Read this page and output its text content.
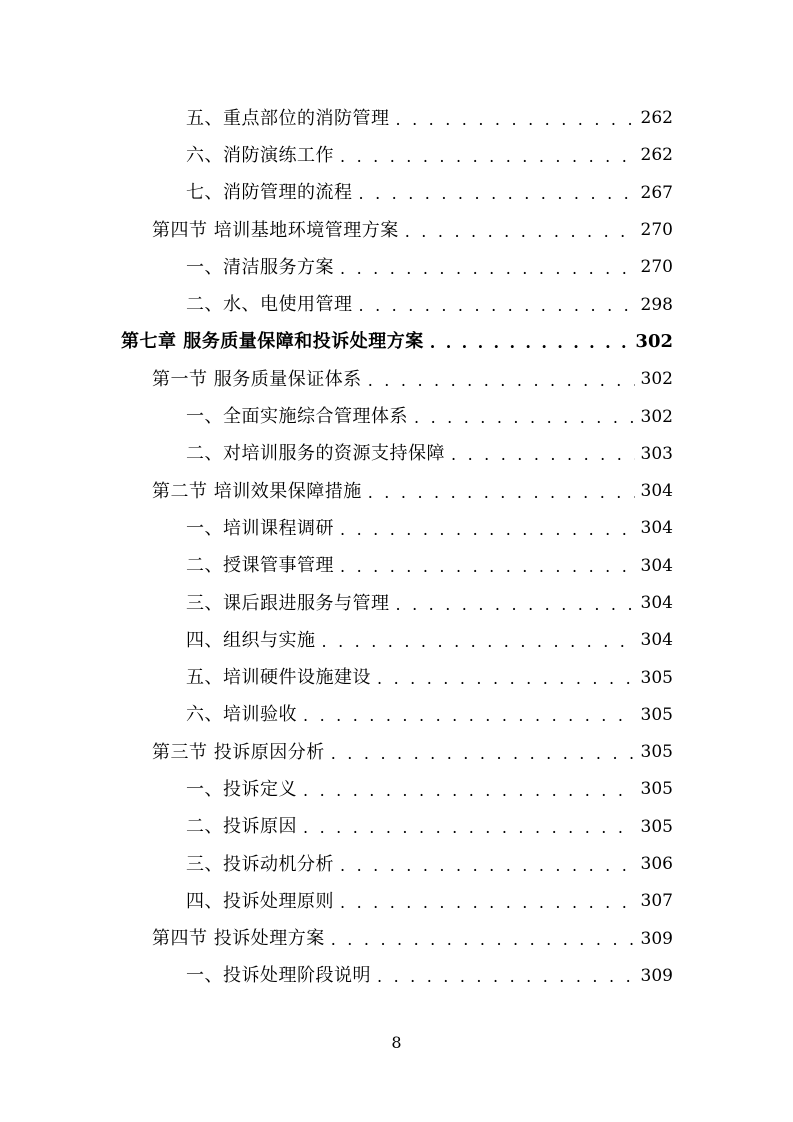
五、重点部位的消防管理 . . .	262
六、消防演练工作 . . .	262
七、消防管理的流程 . . .	267
第四节 培训基地环境管理方案 . . .	270
一、清洁服务方案 . . .	270
二、水、电使用管理 . . .	298
第七章 服务质量保障和投诉处理方案 . . .	302
第一节 服务质量保证体系 . . .	302
一、全面实施综合管理体系 . . .	302
二、对培训服务的资源支持保障 . . .	303
第二节 培训效果保障措施 . . .	304
一、培训课程调研 . . .	304
二、授课管事管理 . . .	304
三、课后跟进服务与管理 . . .	304
四、组织与实施 . . .	304
五、培训硬件设施建设 . . .	305
六、培训验收 . . .	305
第三节 投诉原因分析 . . .	305
一、投诉定义 . . .	305
二、投诉原因 . . .	305
三、投诉动机分析 . . .	306
四、投诉处理原则 . . .	307
第四节 投诉处理方案 . . .	309
一、投诉处理阶段说明 . . .	309
8
